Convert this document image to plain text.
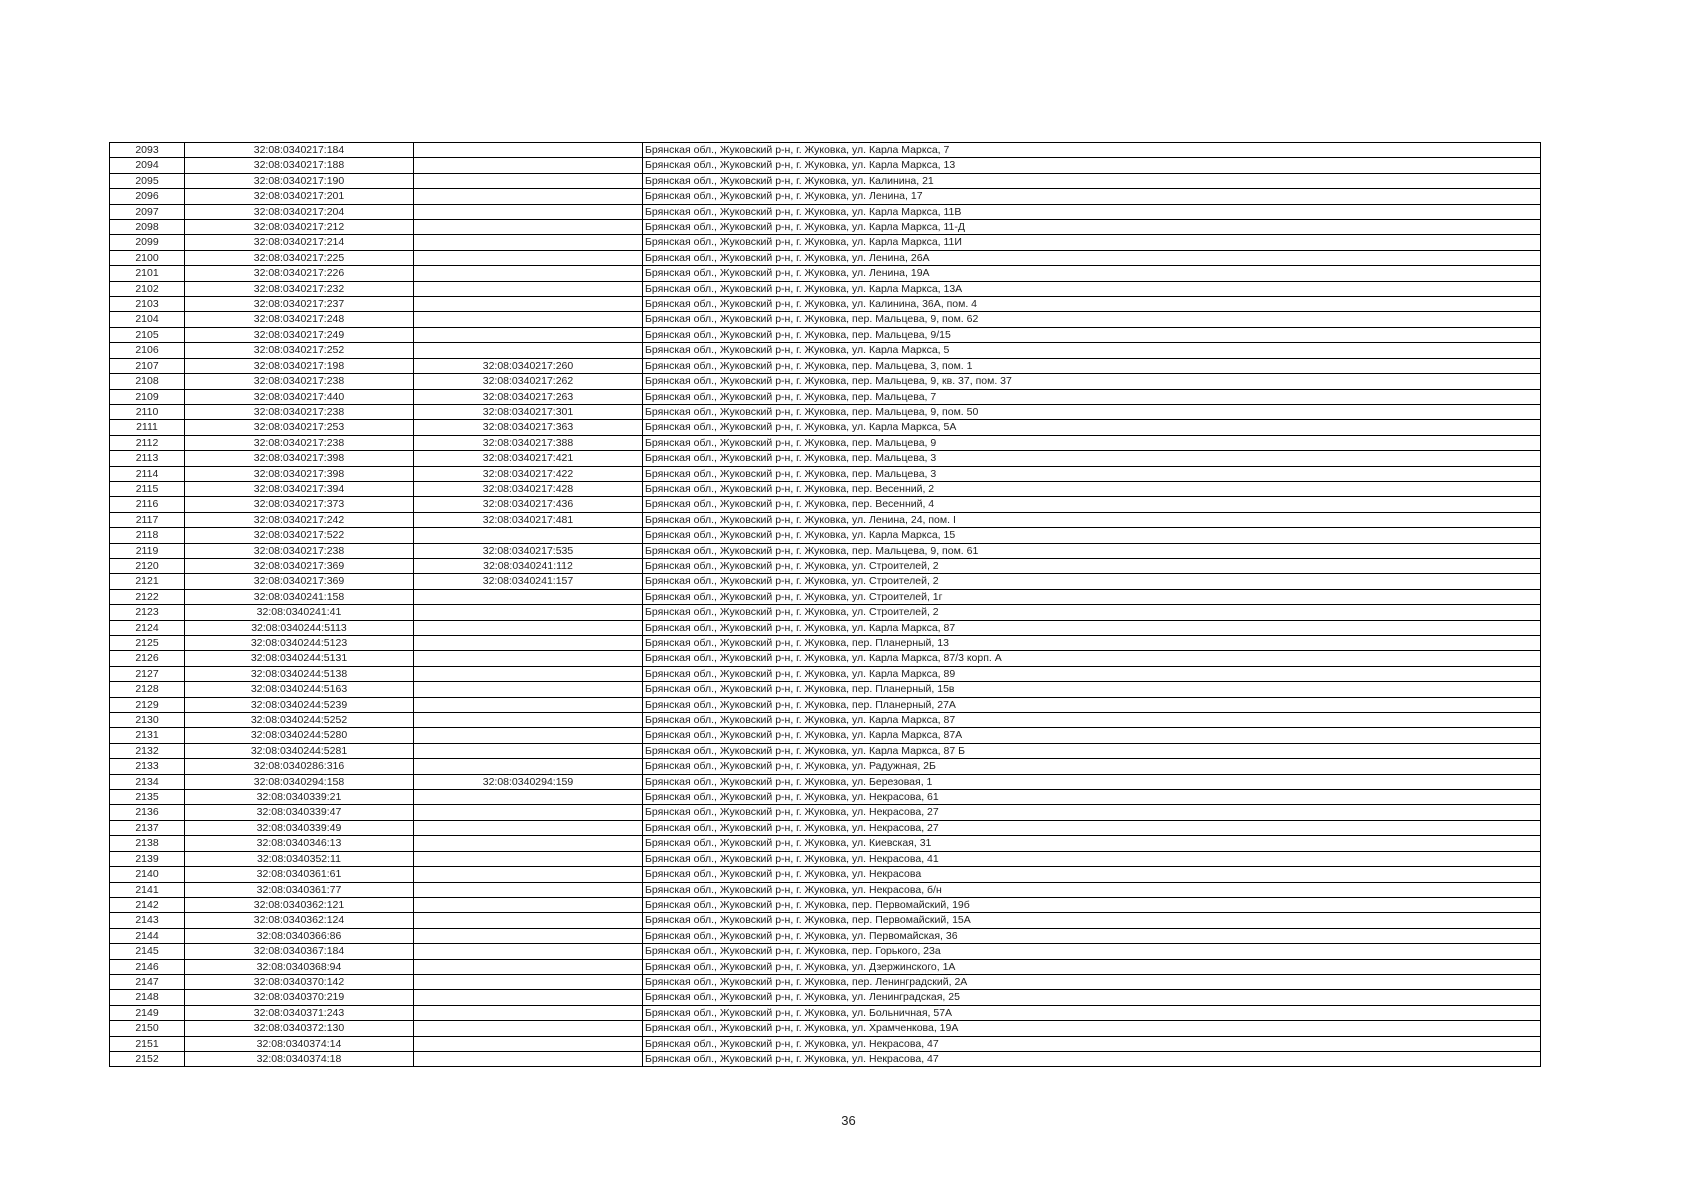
2093	32:08:0340217:184		Брянская обл., Жуковский р-н, г. Жуковка, ул. Карла Маркса, 7
2094	32:08:0340217:188		Брянская обл., Жуковский р-н, г. Жуковка, ул. Карла Маркса, 13
2095	32:08:0340217:190		Брянская обл., Жуковский р-н, г. Жуковка, ул. Калинина, 21
2096	32:08:0340217:201		Брянская обл., Жуковский р-н, г. Жуковка, ул. Ленина, 17
2097	32:08:0340217:204		Брянская обл., Жуковский р-н, г. Жуковка, ул. Карла Маркса, 11В
2098	32:08:0340217:212		Брянская обл., Жуковский р-н, г. Жуковка, ул. Карла Маркса, 11-Д
2099	32:08:0340217:214		Брянская обл., Жуковский р-н, г. Жуковка, ул. Карла Маркса, 11И
2100	32:08:0340217:225		Брянская обл., Жуковский р-н, г. Жуковка, ул. Ленина, 26А
2101	32:08:0340217:226		Брянская обл., Жуковский р-н, г. Жуковка, ул. Ленина, 19А
2102	32:08:0340217:232		Брянская обл., Жуковский р-н, г. Жуковка, ул. Карла Маркса, 13А
2103	32:08:0340217:237		Брянская обл., Жуковский р-н, г. Жуковка, ул. Калинина, 36А, пом. 4
2104	32:08:0340217:248		Брянская обл., Жуковский р-н, г. Жуковка, пер. Мальцева, 9, пом. 62
2105	32:08:0340217:249		Брянская обл., Жуковский р-н, г. Жуковка, пер. Мальцева, 9/15
2106	32:08:0340217:252		Брянская обл., Жуковский р-н, г. Жуковка, ул. Карла Маркса, 5
2107	32:08:0340217:198	32:08:0340217:260	Брянская обл., Жуковский р-н, г. Жуковка, пер. Мальцева, 3, пом. 1
2108	32:08:0340217:238	32:08:0340217:262	Брянская обл., Жуковский р-н, г. Жуковка, пер. Мальцева, 9, кв. 37, пом. 37
2109	32:08:0340217:440	32:08:0340217:263	Брянская обл., Жуковский р-н, г. Жуковка, пер. Мальцева, 7
2110	32:08:0340217:238	32:08:0340217:301	Брянская обл., Жуковский р-н, г. Жуковка, пер. Мальцева, 9, пом. 50
2111	32:08:0340217:253	32:08:0340217:363	Брянская обл., Жуковский р-н, г. Жуковка, ул. Карла Маркса, 5А
2112	32:08:0340217:238	32:08:0340217:388	Брянская обл., Жуковский р-н, г. Жуковка, пер. Мальцева, 9
2113	32:08:0340217:398	32:08:0340217:421	Брянская обл., Жуковский р-н, г. Жуковка, пер. Мальцева, 3
2114	32:08:0340217:398	32:08:0340217:422	Брянская обл., Жуковский р-н, г. Жуковка, пер. Мальцева, 3
2115	32:08:0340217:394	32:08:0340217:428	Брянская обл., Жуковский р-н, г. Жуковка, пер. Весенний, 2
2116	32:08:0340217:373	32:08:0340217:436	Брянская обл., Жуковский р-н, г. Жуковка, пер. Весенний, 4
2117	32:08:0340217:242	32:08:0340217:481	Брянская обл., Жуковский р-н, г. Жуковка, ул. Ленина, 24, пом. I
2118	32:08:0340217:522		Брянская обл., Жуковский р-н, г. Жуковка, ул. Карла Маркса, 15
2119	32:08:0340217:238	32:08:0340217:535	Брянская обл., Жуковский р-н, г. Жуковка, пер. Мальцева, 9, пом. 61
2120	32:08:0340217:369	32:08:0340241:112	Брянская обл., Жуковский р-н, г. Жуковка, ул. Строителей, 2
2121	32:08:0340217:369	32:08:0340241:157	Брянская обл., Жуковский р-н, г. Жуковка, ул. Строителей, 2
2122	32:08:0340241:158		Брянская обл., Жуковский р-н, г. Жуковка, ул. Строителей, 1г
2123	32:08:0340241:41		Брянская обл., Жуковский р-н, г. Жуковка, ул. Строителей, 2
2124	32:08:0340244:5113		Брянская обл., Жуковский р-н, г. Жуковка, ул. Карла Маркса, 87
2125	32:08:0340244:5123		Брянская обл., Жуковский р-н, г. Жуковка, пер. Планерный, 13
2126	32:08:0340244:5131		Брянская обл., Жуковский р-н, г. Жуковка, ул. Карла Маркса, 87/3 корп. А
2127	32:08:0340244:5138		Брянская обл., Жуковский р-н, г. Жуковка, ул. Карла Маркса, 89
2128	32:08:0340244:5163		Брянская обл., Жуковский р-н, г. Жуковка, пер. Планерный, 15в
2129	32:08:0340244:5239		Брянская обл., Жуковский р-н, г. Жуковка, пер. Планерный, 27А
2130	32:08:0340244:5252		Брянская обл., Жуковский р-н, г. Жуковка, ул. Карла Маркса, 87
2131	32:08:0340244:5280		Брянская обл., Жуковский р-н, г. Жуковка, ул. Карла Маркса, 87А
2132	32:08:0340244:5281		Брянская обл., Жуковский р-н, г. Жуковка, ул. Карла Маркса, 87 Б
2133	32:08:0340286:316		Брянская обл., Жуковский р-н, г. Жуковка, ул. Радужная, 2Б
2134	32:08:0340294:158	32:08:0340294:159	Брянская обл., Жуковский р-н, г. Жуковка, ул. Березовая, 1
2135	32:08:0340339:21		Брянская обл., Жуковский р-н, г. Жуковка, ул. Некрасова, 61
2136	32:08:0340339:47		Брянская обл., Жуковский р-н, г. Жуковка, ул. Некрасова, 27
2137	32:08:0340339:49		Брянская обл., Жуковский р-н, г. Жуковка, ул. Некрасова, 27
2138	32:08:0340346:13		Брянская обл., Жуковский р-н, г. Жуковка, ул. Киевская, 31
2139	32:08:0340352:11		Брянская обл., Жуковский р-н, г. Жуковка, ул. Некрасова, 41
2140	32:08:0340361:61		Брянская обл., Жуковский р-н, г. Жуковка, ул. Некрасова
2141	32:08:0340361:77		Брянская обл., Жуковский р-н, г. Жуковка, ул. Некрасова, б/н
2142	32:08:0340362:121		Брянская обл., Жуковский р-н, г. Жуковка, пер. Первомайский, 19б
2143	32:08:0340362:124		Брянская обл., Жуковский р-н, г. Жуковка, пер. Первомайский, 15А
2144	32:08:0340366:86		Брянская обл., Жуковский р-н, г. Жуковка, ул. Первомайская, 36
2145	32:08:0340367:184		Брянская обл., Жуковский р-н, г. Жуковка, пер. Горького, 23а
2146	32:08:0340368:94		Брянская обл., Жуковский р-н, г. Жуковка, ул. Дзержинского, 1А
2147	32:08:0340370:142		Брянская обл., Жуковский р-н, г. Жуковка, пер. Ленинградский, 2А
2148	32:08:0340370:219		Брянская обл., Жуковский р-н, г. Жуковка, ул. Ленинградская, 25
2149	32:08:0340371:243		Брянская обл., Жуковский р-н, г. Жуковка, ул. Больничная, 57А
2150	32:08:0340372:130		Брянская обл., Жуковский р-н, г. Жуковка, ул. Храмченкова, 19А
2151	32:08:0340374:14		Брянская обл., Жуковский р-н, г. Жуковка, ул. Некрасова, 47
2152	32:08:0340374:18		Брянская обл., Жуковский р-н, г. Жуковка, ул. Некрасова, 47
36
